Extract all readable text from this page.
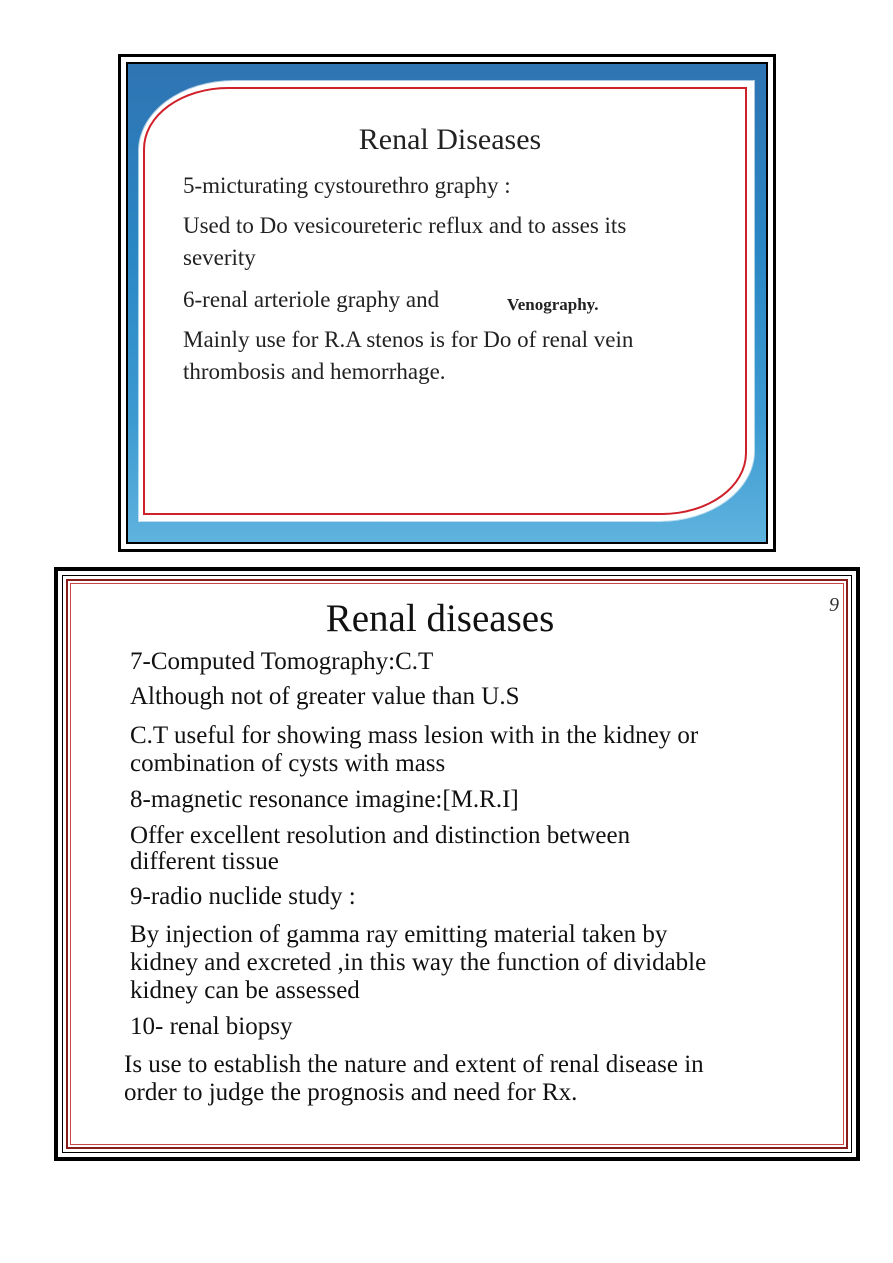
Renal Diseases
5-micturating cystourethro graphy :
Used to Do vesicoureteric reflux and to asses its
severity
6-renal arteriole graphy and	Venography.
Mainly use for R.A stenos is for Do of renal vein
thrombosis and hemorrhage.
Renal diseases	9
7-Computed Tomography:C.T
Although not of greater value than U.S
C.T useful for showing mass lesion with in the kidney or
combination of cysts with mass
8-magnetic resonance imagine:[M.R.I]
Offer excellent resolution and distinction between
different tissue
9-radio nuclide study :
By injection of gamma ray emitting material taken by
kidney and excreted ,in this way the function of dividable
kidney can be assessed
10- renal biopsy
Is use to establish the nature and extent of renal disease in
order to judge the prognosis and need for Rx.
